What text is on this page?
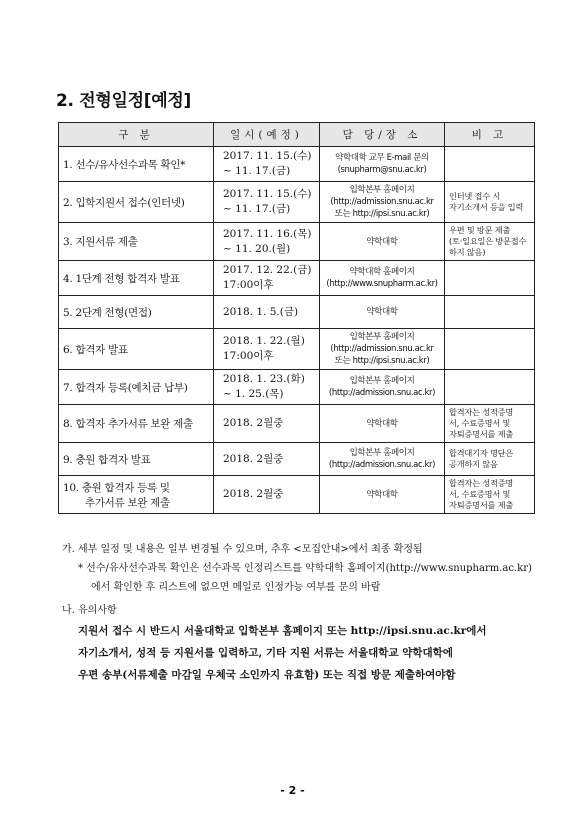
2. 전형일정[예정]
구 분	일시(예정)	담 당/장 소	비 고

1. 선수/유사선수과목 확인*	2017. 11. 15.(수)
~ 11. 17.(금)	약학대학 교무 E-mail 문의
(snupharm@snu.ac.kr)	

2. 입학지원서 접수(인터넷)	2017. 11. 15.(수)
~ 11. 17.(금)	입학본부 홈페이지
(http://admission.snu.ac.kr
또는 http://ipsi.snu.ac.kr)	인터넷 접수 시
자기소개서 등을 입력

3. 지원서류 제출	2017. 11. 16.(목)
~ 11. 20.(월)	약학대학	우편 및 방문 제출
(토·일요일은 방문접수
하지 않음)

4. 1단계 전형 합격자 발표	2017. 12. 22.(금)
17:00이후	약학대학 홈페이지
(http://www.snupharm.ac.kr)	

5. 2단계 전형(면접)	2018. 1. 5.(금)	약학대학	

6. 합격자 발표	2018. 1. 22.(월)
17:00이후	입학본부 홈페이지
(http://admission.snu.ac.kr
또는 http://ipsi.snu.ac.kr)	

7. 합격자 등록(예치금 납부)	2018. 1. 23.(화)
~ 1. 25.(목)	입학본부 홈페이지
(http://admission.snu.ac.kr)	

8. 합격자 추가서류 보완 제출	2018. 2월중	약학대학	합격자는 성적증명
서, 수료증명서 및
자퇴증명서를 제출

9. 충원 합격자 발표	2018. 2월중	입학본부 홈페이지
(http://admission.snu.ac.kr)	합격대기자 명단은
공개하지 않음

10. 충원 합격자 등록 및
추가서류 보완 제출	2018. 2월중	약학대학	합격자는 성적증명
서, 수료증명서 및
자퇴증명서를 제출
가. 세부 일정 및 내용은 일부 변경될 수 있으며, 추후 <모집안내>에서 최종 확정됨
* 선수/유사선수과목 확인은 선수과목 인정리스트를 약학대학 홈페이지(http://www.snupharm.ac.kr)
에서 확인한 후 리스트에 없으면 메일로 인정가능 여부를 문의 바람
나. 유의사항
지원서 접수 시 반드시 서울대학교 입학본부 홈페이지 또는 http://ipsi.snu.ac.kr에서
자기소개서, 성적 등 지원서를 입력하고, 기타 지원 서류는 서울대학교 약학대학에
우편 송부(서류제출 마감일 우체국 소인까지 유효함) 또는 직접 방문 제출하여야함
- 2 -
